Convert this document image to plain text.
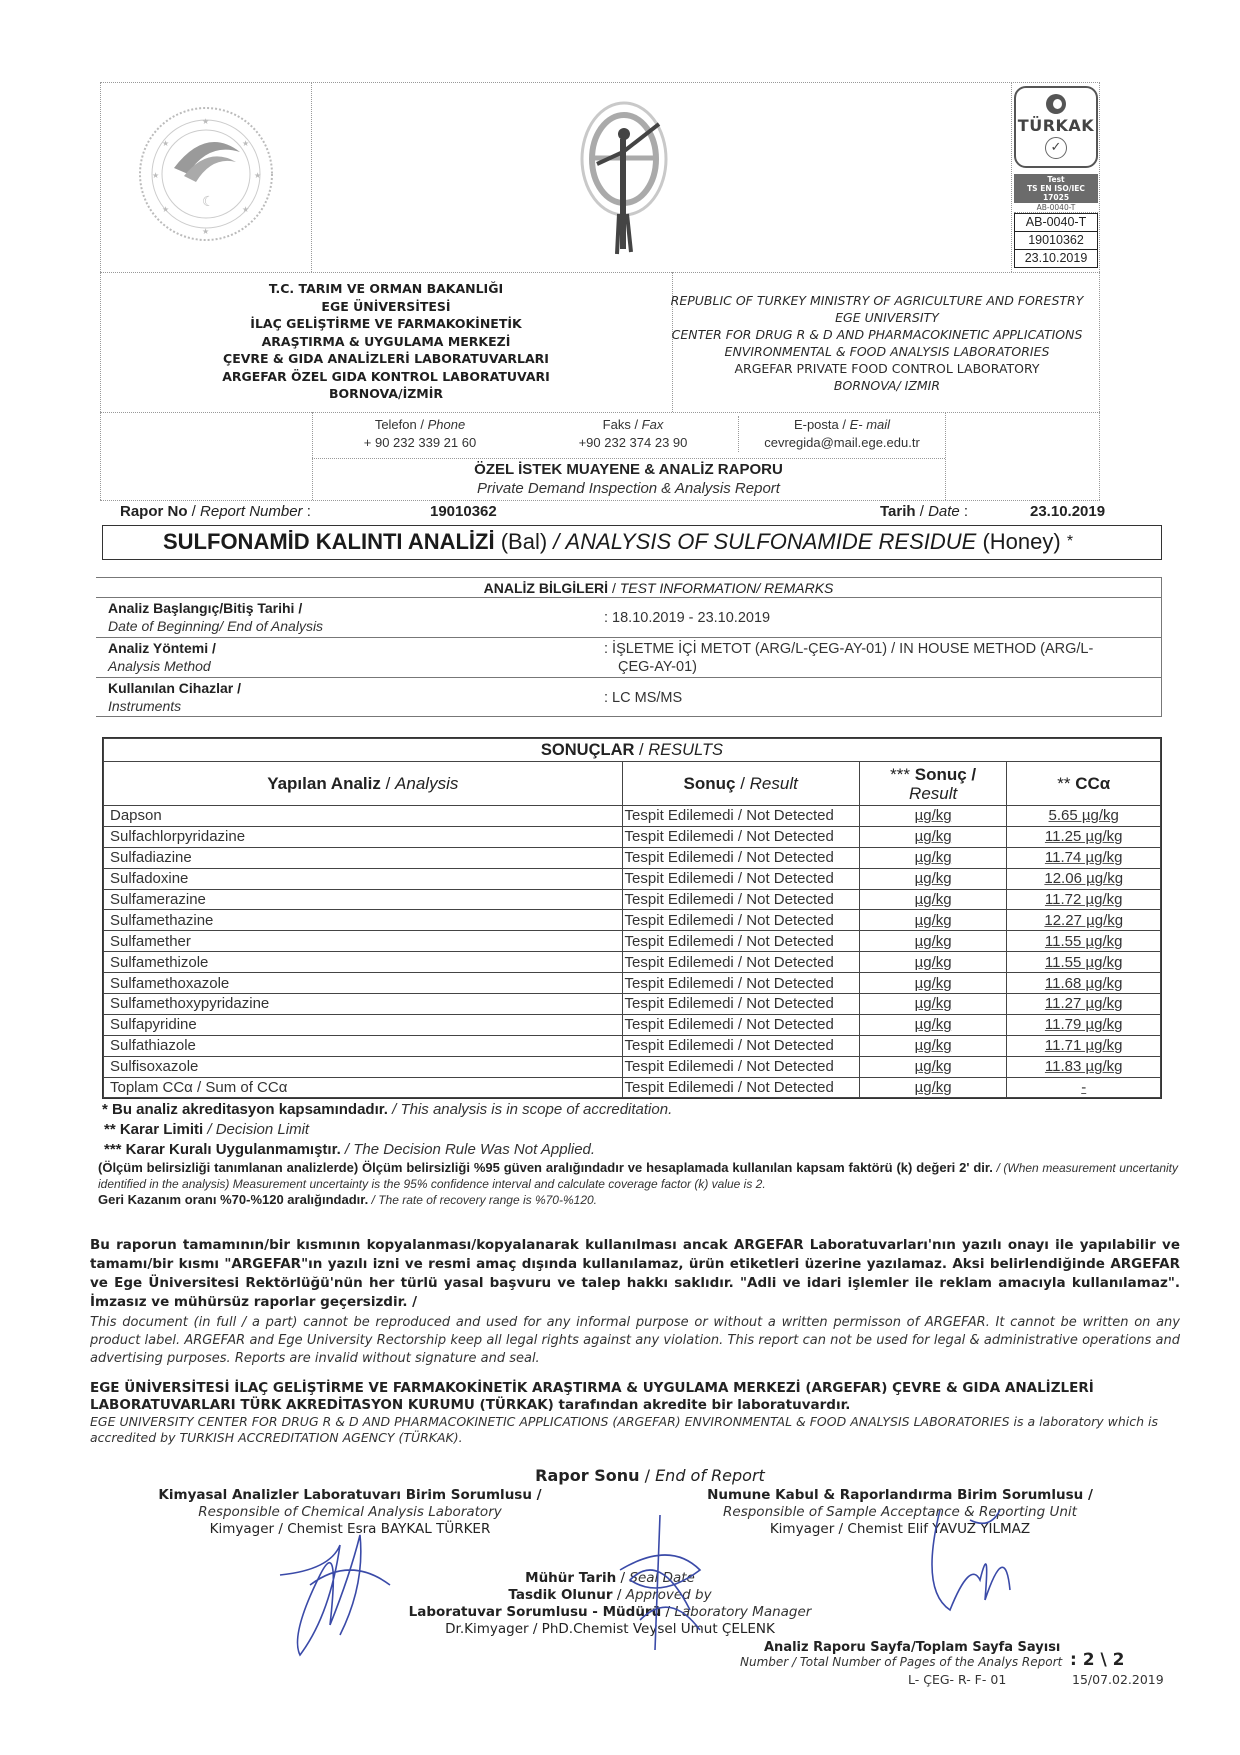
☾
★	★
★	★
★	★
★
★
TÜRKAK
✓
Test
TS EN ISO/IEC 17025
AB-0040-T
AB-0040-T
19010362
23.10.2019
T.C. TARIM VE ORMAN BAKANLIĞI
EGE ÜNİVERSİTESİ
İLAÇ GELİŞTİRME VE FARMAKOKİNETİK
ARAŞTIRMA & UYGULAMA MERKEZİ
ÇEVRE & GIDA ANALİZLERİ LABORATUVARLARI
ARGEFAR ÖZEL GIDA KONTROL LABORATUVARI
BORNOVA/İZMİR
REPUBLIC OF TURKEY MINISTRY OF AGRICULTURE AND FORESTRY
EGE UNIVERSITY
CENTER FOR DRUG R & D AND PHARMACOKINETIC APPLICATIONS
ENVIRONMENTAL & FOOD ANALYSIS LABORATORIES
ARGEFAR PRIVATE FOOD CONTROL LABORATORY
BORNOVA/ IZMIR
Telefon / Phone
+ 90 232 339 21 60
Faks / Fax
+90 232 374 23 90
E-posta / E- mail
cevregida@mail.ege.edu.tr
ÖZEL İSTEK MUAYENE & ANALİZ RAPORU
Private Demand Inspection & Analysis Report
Rapor No / Report Number :	19010362	Tarih / Date :	23.10.2019
SULFONAMİD KALINTI ANALİZİ (Bal) / ANALYSIS OF SULFONAMIDE RESIDUE (Honey) *
ANALİZ BİLGİLERİ / TEST INFORMATION/ REMARKS
Analiz Başlangıç/Bitiş Tarihi /
Date of Beginning/ End of Analysis	: 18.10.2019 - 23.10.2019
Analiz Yöntemi /
Analysis Method
: İŞLETME İÇİ METOT (ARG/L-ÇEG-AY-01) / IN HOUSE METHOD (ARG/L-
ÇEG-AY-01)
Kullanılan Cihazlar /
Instruments	: LC MS/MS
SONUÇLAR / RESULTS			
Yapılan Analiz / Analysis	Sonuç / Result	*** Sonuç /
Result	** CCα
Dapson	Tespit Edilemedi / Not Detected	µg/kg	5.65 µg/kg
Sulfachlorpyridazine	Tespit Edilemedi / Not Detected	µg/kg	11.25 µg/kg
Sulfadiazine	Tespit Edilemedi / Not Detected	µg/kg	11.74 µg/kg
Sulfadoxine	Tespit Edilemedi / Not Detected	µg/kg	12.06 µg/kg
Sulfamerazine	Tespit Edilemedi / Not Detected	µg/kg	11.72 µg/kg
Sulfamethazine	Tespit Edilemedi / Not Detected	µg/kg	12.27 µg/kg
Sulfamether	Tespit Edilemedi / Not Detected	µg/kg	11.55 µg/kg
Sulfamethizole	Tespit Edilemedi / Not Detected	µg/kg	11.55 µg/kg
Sulfamethoxazole	Tespit Edilemedi / Not Detected	µg/kg	11.68 µg/kg
Sulfamethoxypyridazine	Tespit Edilemedi / Not Detected	µg/kg	11.27 µg/kg
Sulfapyridine	Tespit Edilemedi / Not Detected	µg/kg	11.79 µg/kg
Sulfathiazole	Tespit Edilemedi / Not Detected	µg/kg	11.71 µg/kg
Sulfisoxazole	Tespit Edilemedi / Not Detected	µg/kg	11.83 µg/kg
Toplam CCα / Sum of CCα	Tespit Edilemedi / Not Detected	µg/kg	-
* Bu analiz akreditasyon kapsamındadır. / This analysis is in scope of accreditation.
** Karar Limiti / Decision Limit
*** Karar Kuralı Uygulanmamıştır. / The Decision Rule Was Not Applied.
(Ölçüm belirsizliği tanımlanan analizlerde) Ölçüm belirsizliği %95 güven aralığındadır ve hesaplamada kullanılan kapsam faktörü (k) değeri 2' dir. / (When measurement uncertanity identified in the analysis) Measurement uncertainty is the 95% confidence interval and calculate coverage factor (k) value is 2.
Geri Kazanım oranı %70-%120 aralığındadır. / The rate of recovery range is %70-%120.
Bu raporun tamamının/bir kısmının kopyalanması/kopyalanarak kullanılması ancak ARGEFAR Laboratuvarları'nın yazılı onayı ile yapılabilir ve tamamı/bir kısmı "ARGEFAR"ın yazılı izni ve resmi amaç dışında kullanılamaz, ürün etiketleri üzerine yazılamaz. Aksi belirlendiğinde ARGEFAR ve Ege Üniversitesi Rektörlüğü'nün her türlü yasal başvuru ve talep hakkı saklıdır. "Adli ve idari işlemler ile reklam amacıyla kullanılamaz". İmzasız ve mühürsüz raporlar geçersizdir. /
This document (in full / a part) cannot be reproduced and used for any informal purpose or without a written permisson of ARGEFAR. It cannot be written on any product label. ARGEFAR and Ege University Rectorship keep all legal rights against any violation. This report can not be used for legal & administrative operations and advertising purposes. Reports are invalid without signature and seal.
EGE ÜNİVERSİTESİ İLAÇ GELİŞTİRME VE FARMAKOKİNETİK ARAŞTIRMA & UYGULAMA MERKEZİ (ARGEFAR) ÇEVRE & GIDA ANALİZLERİ LABORATUVARLARI TÜRK AKREDİTASYON KURUMU (TÜRKAK) tarafından akredite bir laboratuvardır.
EGE UNIVERSITY CENTER FOR DRUG R & D AND PHARMACOKINETIC APPLICATIONS (ARGEFAR) ENVIRONMENTAL & FOOD ANALYSIS LABORATORIES is a laboratory which is accredited by TURKISH ACCREDITATION AGENCY (TÜRKAK).
Rapor Sonu / End of Report
Kimyasal Analizler Laboratuvarı Birim Sorumlusu /
Responsible of Chemical Analysis Laboratory
Kimyager / Chemist Esra BAYKAL TÜRKER
Numune Kabul & Raporlandırma Birim Sorumlusu /
Responsible of Sample Acceptance & Reporting Unit
Kimyager / Chemist Elif YAVUZ YILMAZ
Mühür Tarih / Seal Date
Tasdik Olunur / Approved by
Laboratuvar Sorumlusu - Müdürü / Laboratory Manager
Dr.Kimyager / PhD.Chemist Veysel Umut ÇELENK
Analiz Raporu Sayfa/Toplam Sayfa Sayısı
Number / Total Number of Pages of the Analys Report : 2 \ 2
L- ÇEG- R- F- 01	15/07.02.2019
